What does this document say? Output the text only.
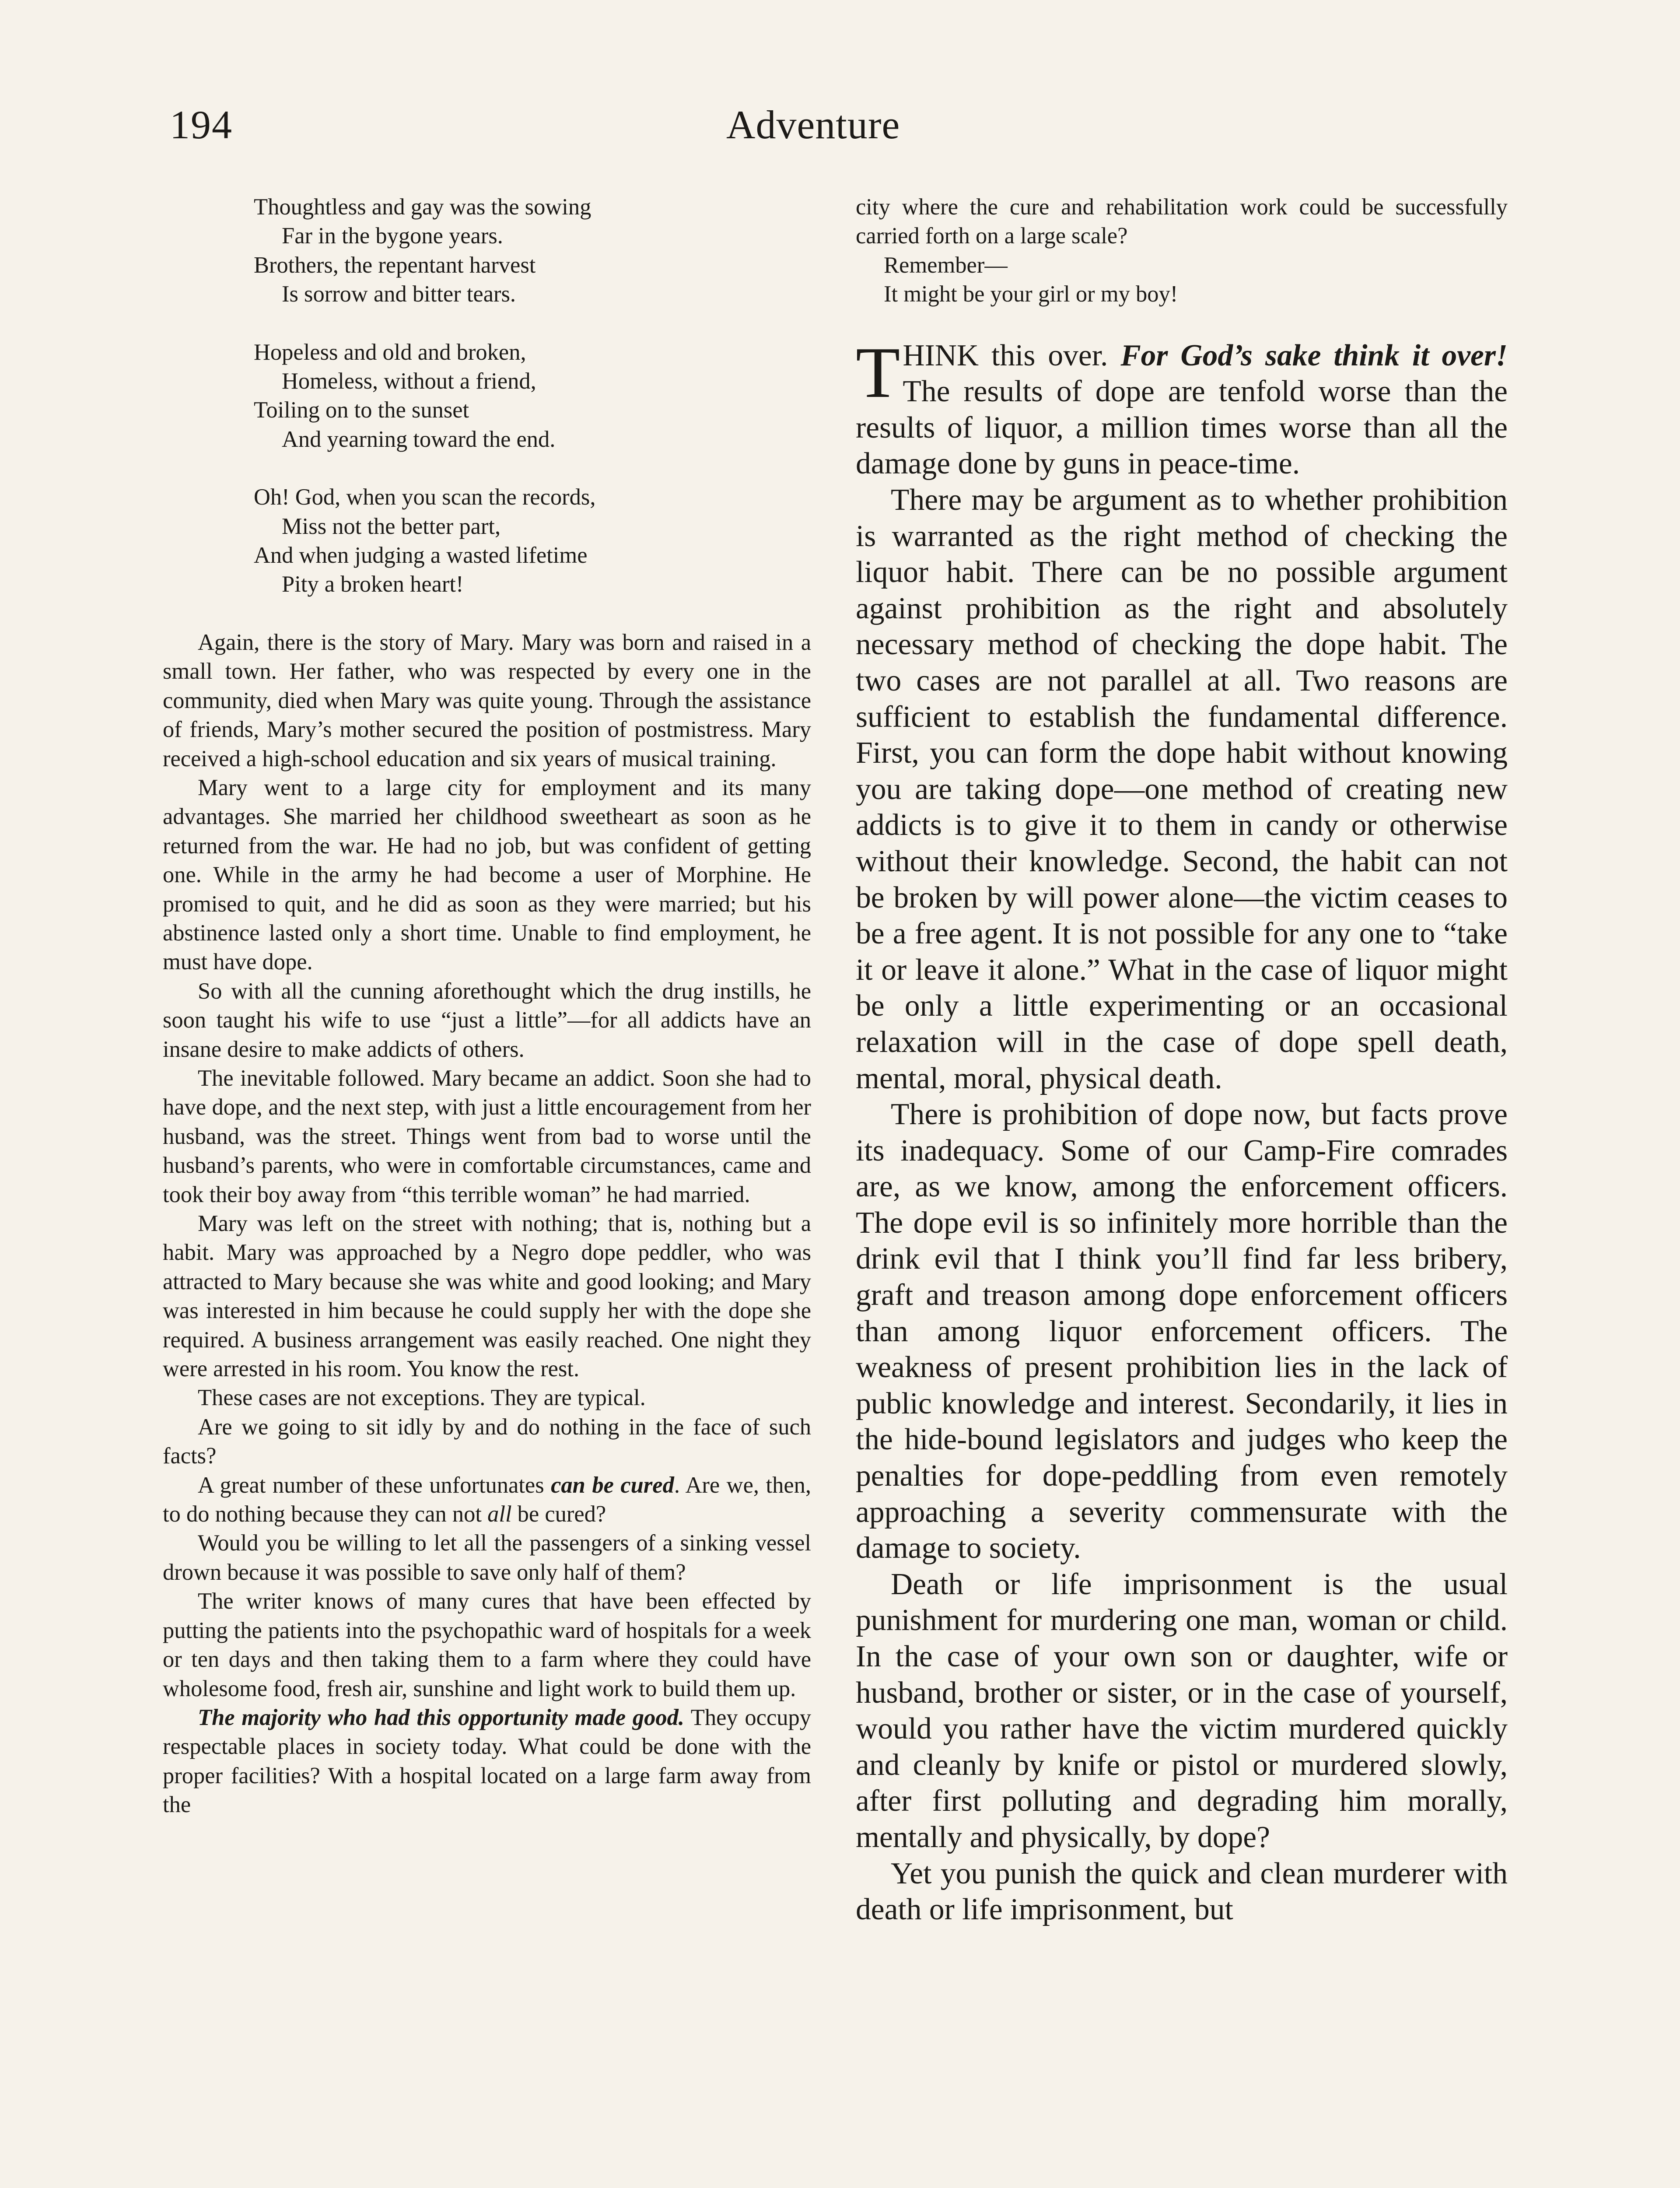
194	Adventure
Thoughtless and gay was the sowing
Far in the bygone years.
Brothers, the repentant harvest
Is sorrow and bitter tears.
Hopeless and old and broken,
Homeless, without a friend,
Toiling on to the sunset
And yearning toward the end.
Oh! God, when you scan the records,
Miss not the better part,
And when judging a wasted lifetime
Pity a broken heart!

Again, there is the story of Mary. Mary was born and raised in a small town. Her father, who was respected by every one in the community, died when Mary was quite young. Through the assistance of friends, Mary’s mother secured the position of postmistress. Mary received a high-school education and six years of musical training.

Mary went to a large city for employment and its many advantages. She married her childhood sweetheart as soon as he returned from the war. He had no job, but was confident of getting one. While in the army he had become a user of Morphine. He promised to quit, and he did as soon as they were married; but his abstinence lasted only a short time. Unable to find employment, he must have dope.

So with all the cunning aforethought which the drug instills, he soon taught his wife to use “just a little”—for all addicts have an insane desire to make addicts of others.

The inevitable followed. Mary became an addict. Soon she had to have dope, and the next step, with just a little encouragement from her husband, was the street. Things went from bad to worse until the husband’s parents, who were in comfortable circumstances, came and took their boy away from “this terrible woman” he had married.

Mary was left on the street with nothing; that is, nothing but a habit. Mary was approached by a Negro dope peddler, who was attracted to Mary because she was white and good looking; and Mary was interested in him because he could supply her with the dope she required. A business arrangement was easily reached. One night they were arrested in his room. You know the rest.

These cases are not exceptions. They are typical.

Are we going to sit idly by and do nothing in the face of such facts?

A great number of these unfortunates can be cured. Are we, then, to do nothing because they can not all be cured?

Would you be willing to let all the passengers of a sinking vessel drown because it was possible to save only half of them?

The writer knows of many cures that have been effected by putting the patients into the psychopathic ward of hospitals for a week or ten days and then taking them to a farm where they could have wholesome food, fresh air, sunshine and light work to build them up.

The majority who had this opportunity made good. They occupy respectable places in society today. What could be done with the proper facilities? With a hospital located on a large farm away from the

city where the cure and rehabilitation work could be successfully carried forth on a large scale?

Remember—
It might be your girl or my boy!

THINK this over. For God’s sake think it over! The results of dope are tenfold worse than the results of liquor, a million times worse than all the damage done by guns in peace-time.

There may be argument as to whether prohibition is warranted as the right method of checking the liquor habit. There can be no possible argument against prohibition as the right and absolutely necessary method of checking the dope habit. The two cases are not parallel at all. Two reasons are sufficient to establish the fundamental difference. First, you can form the dope habit without knowing you are taking dope—one method of creating new addicts is to give it to them in candy or otherwise without their knowledge. Second, the habit can not be broken by will power alone—the victim ceases to be a free agent. It is not possible for any one to “take it or leave it alone.” What in the case of liquor might be only a little experimenting or an occasional relaxation will in the case of dope spell death, mental, moral, physical death.

There is prohibition of dope now, but facts prove its inadequacy. Some of our Camp-Fire comrades are, as we know, among the enforcement officers. The dope evil is so infinitely more horrible than the drink evil that I think you’ll find far less bribery, graft and treason among dope enforcement officers than among liquor enforcement officers. The weakness of present prohibition lies in the lack of public knowledge and interest. Secondarily, it lies in the hide-bound legislators and judges who keep the penalties for dope-peddling from even remotely approaching a severity commensurate with the damage to society.

Death or life imprisonment is the usual punishment for murdering one man, woman or child. In the case of your own son or daughter, wife or husband, brother or sister, or in the case of yourself, would you rather have the victim murdered quickly and cleanly by knife or pistol or murdered slowly, after first polluting and degrading him morally, mentally and physically, by dope?

Yet you punish the quick and clean murderer with death or life imprisonment, but
